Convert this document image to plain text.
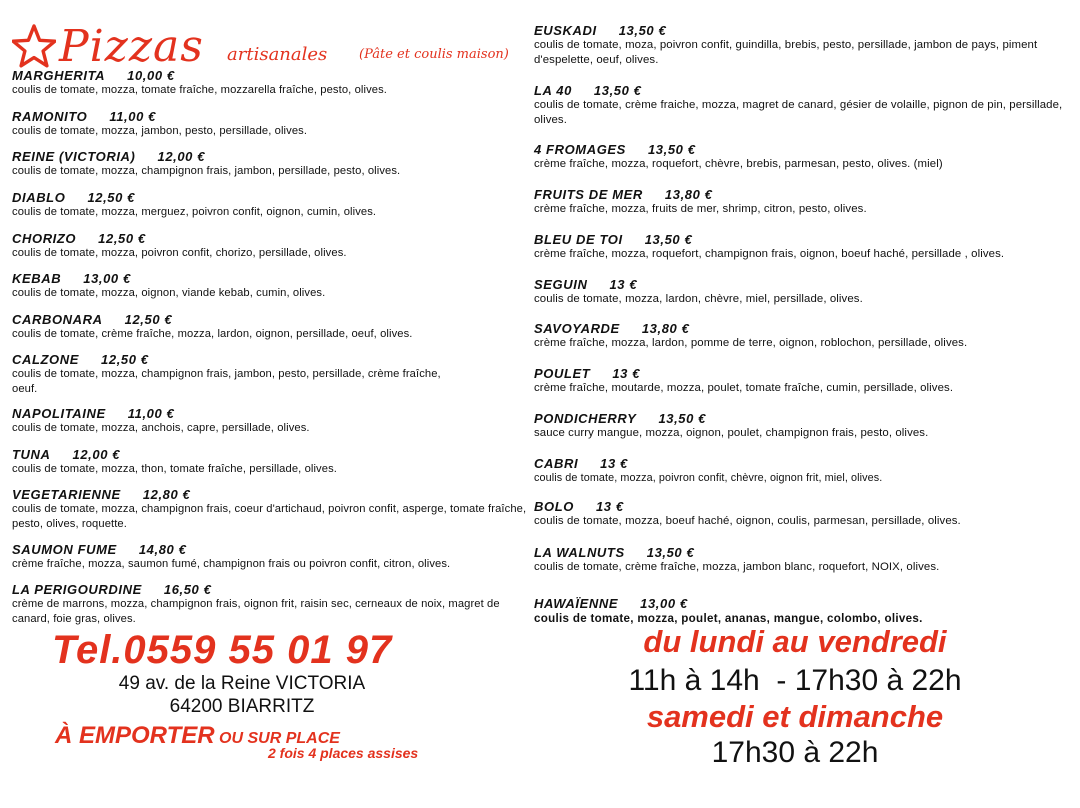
Pizzas artisanales (Pâte et coulis maison)
MARGHERITA 10,00 €
coulis de tomate, mozza, tomate fraîche, mozzarella fraîche, pesto, olives.
RAMONITO 11,00 €
coulis de tomate, mozza, jambon, pesto, persillade, olives.
REINE (VICTORIA) 12,00 €
coulis de tomate, mozza, champignon frais, jambon, persillade, pesto, olives.
DIABLO 12,50 €
coulis de tomate, mozza, merguez, poivron confit, oignon, cumin, olives.
CHORIZO 12,50 €
coulis de tomate, mozza, poivron confit, chorizo, persillade, olives.
KEBAB 13,00 €
coulis de tomate, mozza, oignon, viande kebab, cumin, olives.
CARBONARA 12,50 €
coulis de tomate, crème fraîche, mozza, lardon, oignon, persillade, oeuf, olives.
CALZONE 12,50 €
coulis de tomate, mozza, champignon frais, jambon, pesto, persillade, crème fraîche, oeuf.
NAPOLITAINE 11,00 €
coulis de tomate, mozza, anchois, capre, persillade, olives.
TUNA 12,00 €
coulis de tomate, mozza, thon, tomate fraîche, persillade, olives.
VEGETARIENNE 12,80 €
coulis de tomate, mozza, champignon frais, coeur d'artichaud, poivron confit, asperge, tomate fraîche, pesto, olives, roquette.
SAUMON FUME 14,80 €
crème fraîche, mozza, saumon fumé, champignon frais ou poivron confit, citron, olives.
LA PERIGOURDINE 16,50 €
crème de marrons, mozza, champignon frais, oignon frit, raisin sec, cerneaux de noix, magret de canard, foie gras, olives.
EUSKADI 13,50 €
coulis de tomate, moza, poivron confit, guindilla, brebis, pesto, persillade, jambon de pays, piment d'espelette, oeuf, olives.
LA 40 13,50 €
coulis de tomate, crème fraiche, mozza, magret de canard, gésier de volaille, pignon de pin, persillade, olives.
4 FROMAGES 13,50 €
crème fraîche, mozza, roquefort, chèvre, brebis, parmesan, pesto, olives. (miel)
FRUITS DE MER 13,80 €
crème fraîche, mozza, fruits de mer, shrimp, citron, pesto, olives.
BLEU DE TOI 13,50 €
crème fraîche, mozza, roquefort, champignon frais, oignon, boeuf haché, persillade , olives.
SEGUIN 13 €
coulis de tomate, mozza, lardon, chèvre, miel, persillade, olives.
SAVOYARDE 13,80 €
crème fraîche, mozza, lardon, pomme de terre, oignon, roblochon, persillade, olives.
POULET 13 €
crème fraîche, moutarde, mozza, poulet, tomate fraîche, cumin, persillade, olives.
PONDICHERRY 13,50 €
sauce curry mangue, mozza, oignon, poulet, champignon frais, pesto, olives.
CABRI 13 €
coulis de tomate, mozza, poivron confit, chèvre, oignon frit, miel, olives.
BOLO 13 €
coulis de tomate, mozza, boeuf haché, oignon, coulis, parmesan, persillade, olives.
LA WALNUTS 13,50 €
coulis de tomate, crème fraîche, mozza, jambon blanc, roquefort, NOIX, olives.
HAWAÏENNE 13,00 €
coulis de tomate, mozza, poulet, ananas, mangue, colombo, olives.
Tel.0559 55 01 97
49 av. de la Reine VICTORIA
64200 BIARRITZ
À EMPORTER OU SUR PLACE
2 fois 4 places assises
du lundi au vendredi
11h à 14h  - 17h30 à 22h
samedi et dimanche
17h30 à 22h
